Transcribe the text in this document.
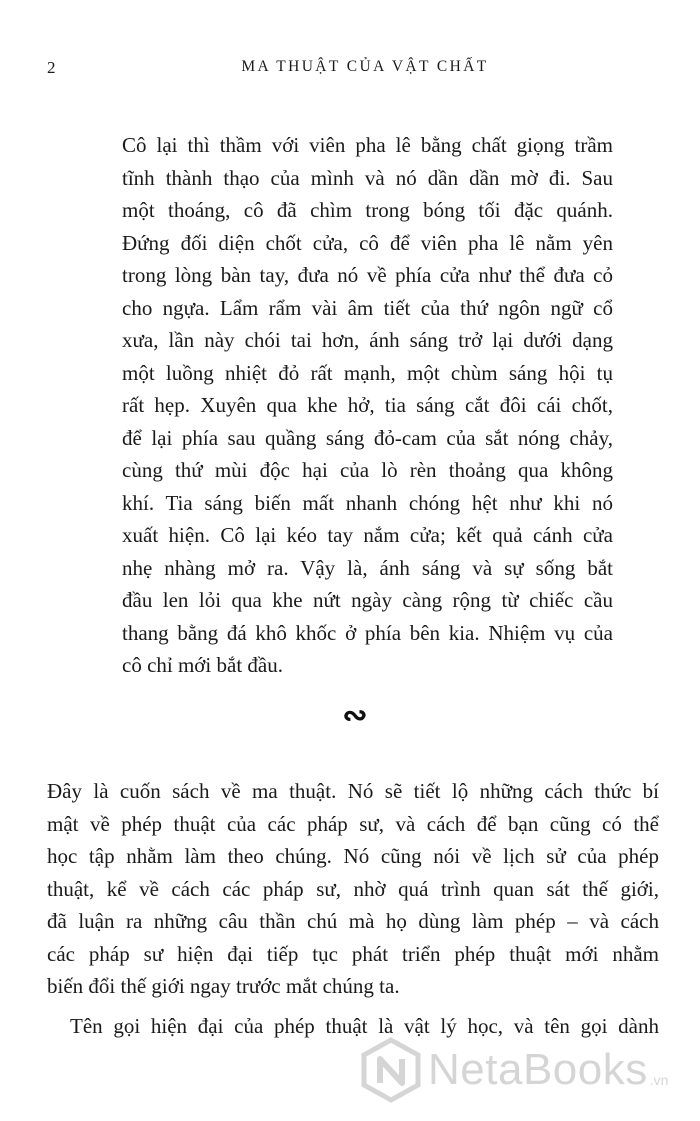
2	MA THUẬT CỦA VẬT CHẤT
Cô lại thì thầm với viên pha lê bằng chất giọng trầm
tĩnh thành thạo của mình và nó dần dần mờ đi. Sau
một thoáng, cô đã chìm trong bóng tối đặc quánh.
Đứng đối diện chốt cửa, cô để viên pha lê nằm yên
trong lòng bàn tay, đưa nó về phía cửa như thể đưa cỏ
cho ngựa. Lẩm rẩm vài âm tiết của thứ ngôn ngữ cổ
xưa, lần này chói tai hơn, ánh sáng trở lại dưới dạng
một luồng nhiệt đỏ rất mạnh, một chùm sáng hội tụ
rất hẹp. Xuyên qua khe hở, tia sáng cắt đôi cái chốt,
để lại phía sau quầng sáng đỏ-cam của sắt nóng chảy,
cùng thứ mùi độc hại của lò rèn thoảng qua không
khí. Tia sáng biến mất nhanh chóng hệt như khi nó
xuất hiện. Cô lại kéo tay nắm cửa; kết quả cánh cửa
nhẹ nhàng mở ra. Vậy là, ánh sáng và sự sống bắt
đầu len lỏi qua khe nứt ngày càng rộng từ chiếc cầu
thang bằng đá khô khốc ở phía bên kia. Nhiệm vụ của
cô chỉ mới bắt đầu.
∾
Đây là cuốn sách về ma thuật. Nó sẽ tiết lộ những cách thức bí
mật về phép thuật của các pháp sư, và cách để bạn cũng có thể
học tập nhằm làm theo chúng. Nó cũng nói về lịch sử của phép
thuật, kể về cách các pháp sư, nhờ quá trình quan sát thế giới,
đã luận ra những câu thần chú mà họ dùng làm phép – và cách
các pháp sư hiện đại tiếp tục phát triển phép thuật mới nhằm
biến đổi thế giới ngay trước mắt chúng ta.
Tên gọi hiện đại của phép thuật là vật lý học, và tên gọi dành
NetaBooks .vn
